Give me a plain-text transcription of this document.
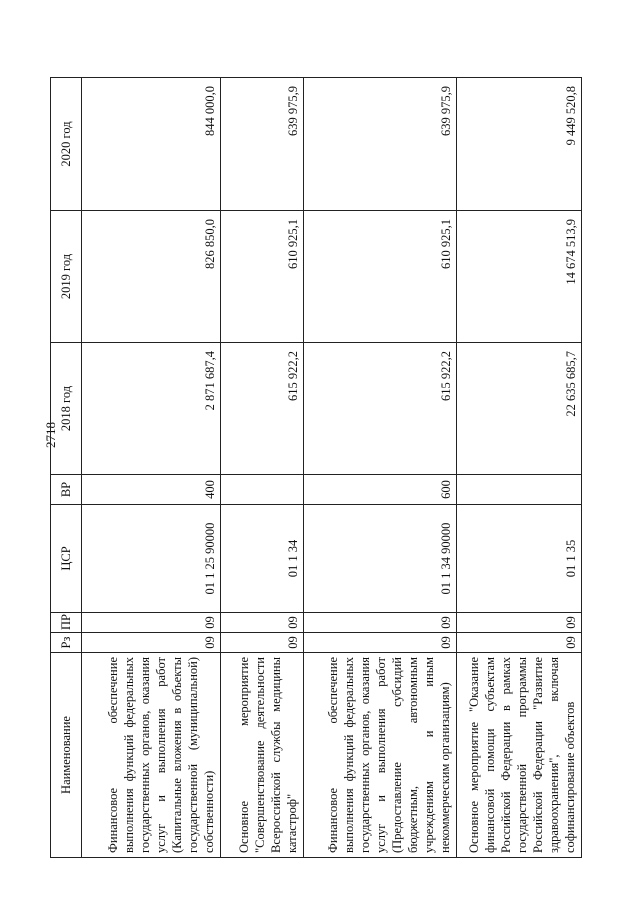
2718
Наименование	Рз	ПР	ЦСР	ВР	2018 год	2019 год	2020 год
Финансовое обеспечение выполнения функций федеральных государственных органов, оказания услуг и выполнения работ (Капитальные вложения в объекты государственной (муниципальной) собственности)	09	09	01 1 25 90000	400	2 871 687,4	826 850,0	844 000,0
Основное мероприятие "Совершенствование деятельности Всероссийской службы медицины катастроф"	09	09	01 1 34		615 922,2	610 925,1	639 975,9
Финансовое обеспечение выполнения функций федеральных государственных органов, оказания услуг и выполнения работ (Предоставление субсидий бюджетным, автономным учреждениям и иным некоммерческим организациям)	09	09	01 1 34 90000	600	615 922,2	610 925,1	639 975,9
Основное мероприятие "Оказание финансовой помощи субъектам Российской Федерации в рамках государственной программы Российской Федерации "Развитие здравоохранения", включая софинансирование объектов	09	09	01 1 35		22 635 685,7	14 674 513,9	9 449 520,8
